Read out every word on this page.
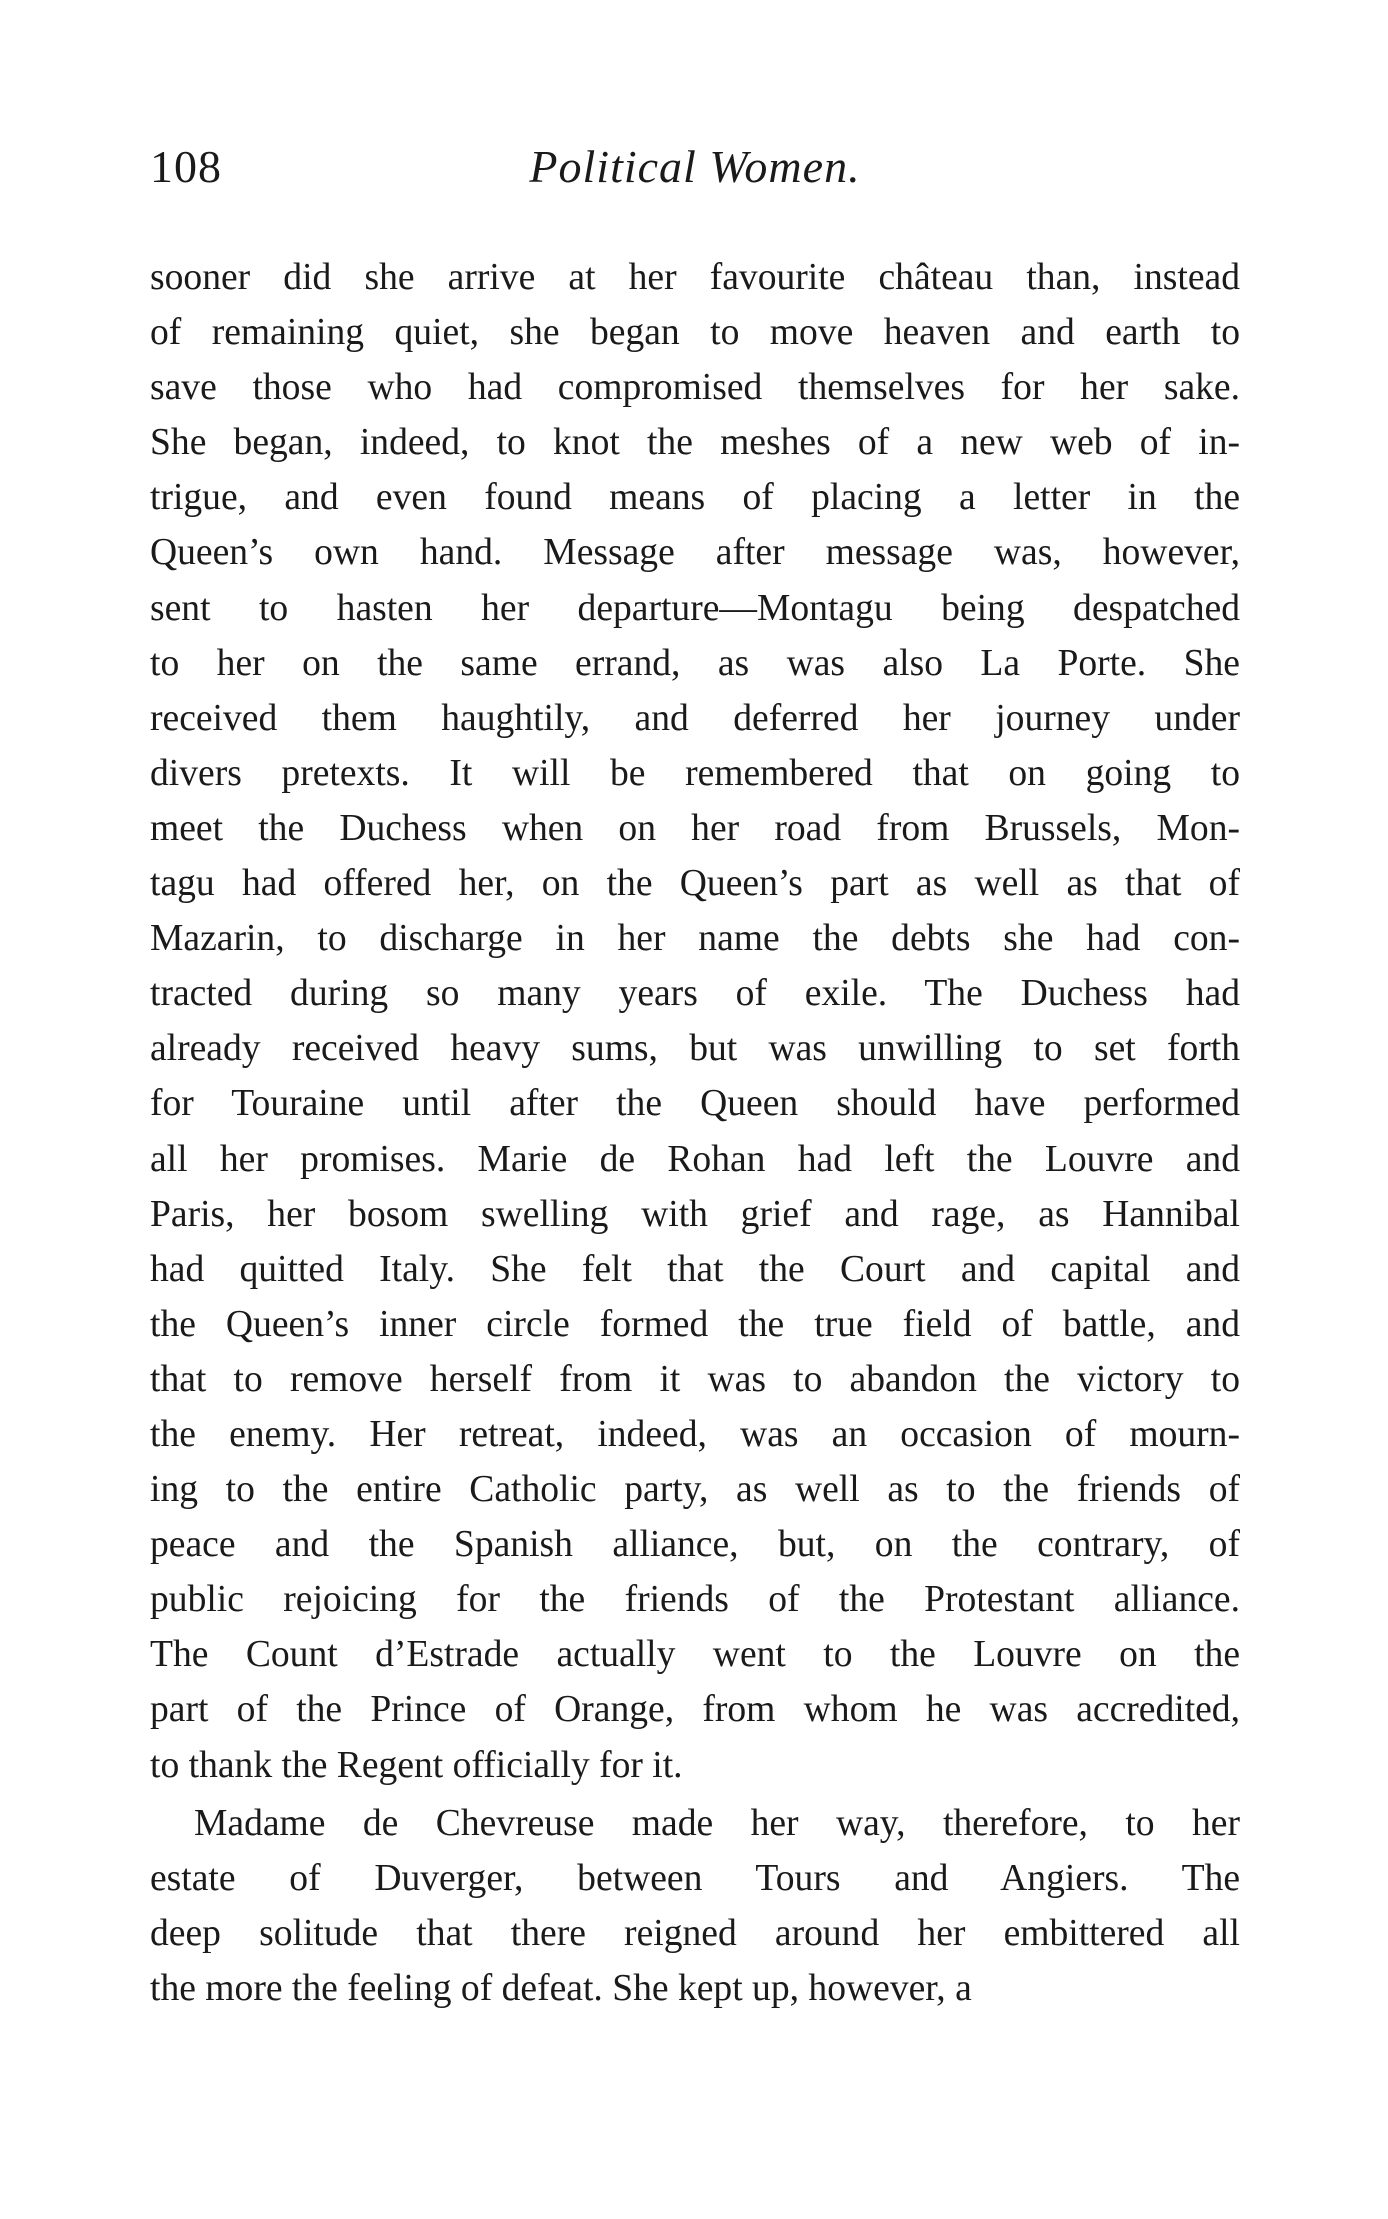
108	Political Women.
sooner did she arrive at her favourite château than, instead
of remaining quiet, she began to move heaven and earth to
save those who had compromised themselves for her sake.
She began, indeed, to knot the meshes of a new web of in-
trigue, and even found means of placing a letter in the
Queen’s own hand. Message after message was, however,
sent to hasten her departure—Montagu being despatched
to her on the same errand, as was also La Porte. She
received them haughtily, and deferred her journey under
divers pretexts. It will be remembered that on going to
meet the Duchess when on her road from Brussels, Mon-
tagu had offered her, on the Queen’s part as well as that of
Mazarin, to discharge in her name the debts she had con-
tracted during so many years of exile. The Duchess had
already received heavy sums, but was unwilling to set forth
for Touraine until after the Queen should have performed
all her promises. Marie de Rohan had left the Louvre and
Paris, her bosom swelling with grief and rage, as Hannibal
had quitted Italy. She felt that the Court and capital and
the Queen’s inner circle formed the true field of battle, and
that to remove herself from it was to abandon the victory to
the enemy. Her retreat, indeed, was an occasion of mourn-
ing to the entire Catholic party, as well as to the friends of
peace and the Spanish alliance, but, on the contrary, of
public rejoicing for the friends of the Protestant alliance.
The Count d’Estrade actually went to the Louvre on the
part of the Prince of Orange, from whom he was accredited,
to thank the Regent officially for it.
Madame de Chevreuse made her way, therefore, to her
estate of Duverger, between Tours and Angiers. The
deep solitude that there reigned around her embittered all
the more the feeling of defeat. She kept up, however, a
